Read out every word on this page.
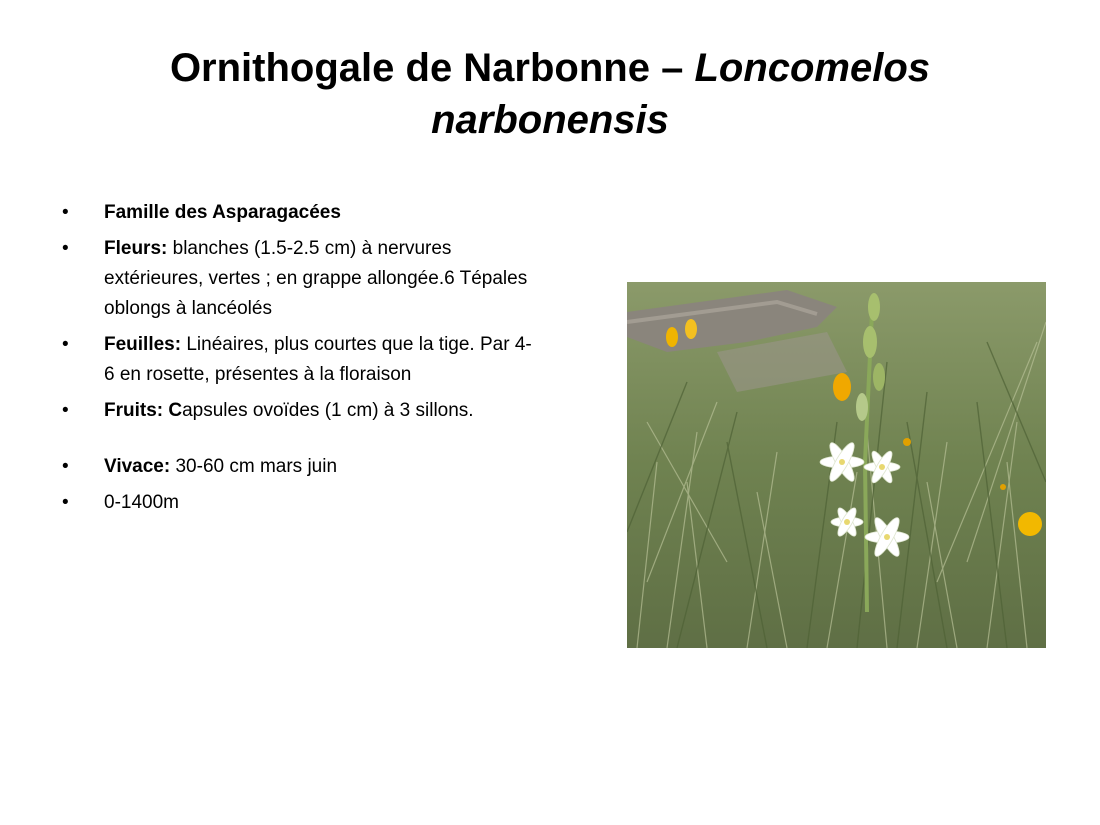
Ornithogale de Narbonne – Loncomelos narbonensis
• Famille des Asparagacées
• Fleurs: blanches (1.5-2.5 cm) à nervures extérieures, vertes ; en grappe allongée.6 Tépales oblongs à lancéolés
• Feuilles: Linéaires, plus courtes que la tige. Par 4-6 en rosette, présentes à la floraison
• Fruits: Capsules ovoïdes (1 cm) à 3 sillons.
• Vivace: 30-60 cm mars juin
• 0-1400m
